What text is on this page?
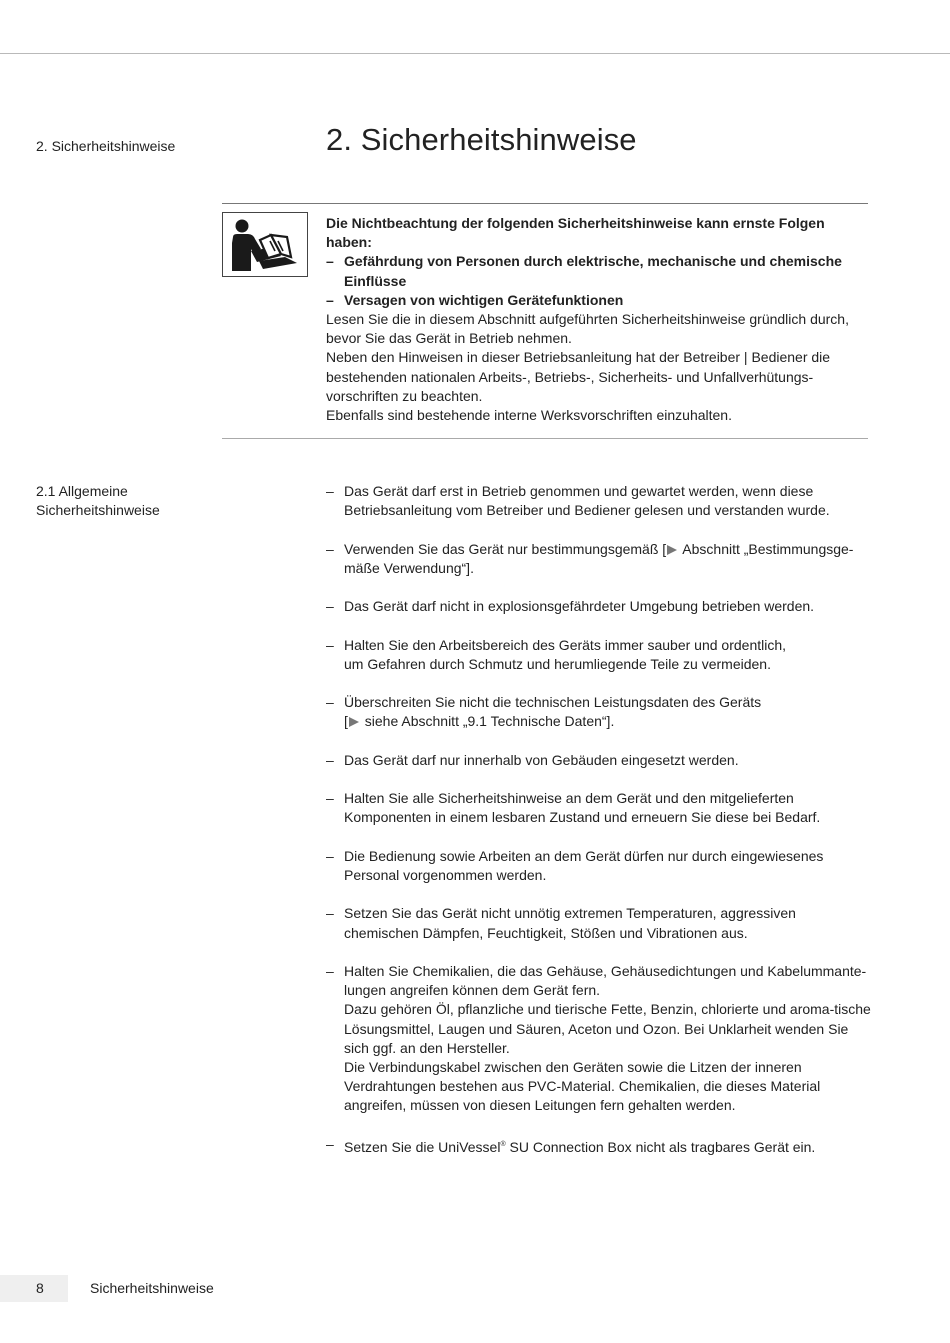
2. Sicherheitshinweise	2. Sicherheitshinweise
Die Nichtbeachtung der folgenden Sicherheitshinweise kann ernste Folgen haben:
– Gefährdung von Personen durch elektrische, mechanische und chemische Einflüsse
– Versagen von wichtigen Gerätefunktionen
Lesen Sie die in diesem Abschnitt aufgeführten Sicherheitshinweise gründlich durch, bevor Sie das Gerät in Betrieb nehmen.
Neben den Hinweisen in dieser Betriebsanleitung hat der Betreiber | Bediener die bestehenden nationalen Arbeits-, Betriebs-, Sicherheits- und Unfallverhütungs-vorschriften zu beachten.
Ebenfalls sind bestehende interne Werksvorschriften einzuhalten.
2.1 Allgemeine
Sicherheitshinweise
– Das Gerät darf erst in Betrieb genommen und gewartet werden, wenn diese Betriebsanleitung vom Betreiber und Bediener gelesen und verstanden wurde.
– Verwenden Sie das Gerät nur bestimmungsgemäß [ Abschnitt „Bestimmungsge-mäße Verwendung“].
– Das Gerät darf nicht in explosionsgefährdeter Umgebung betrieben werden.
– Halten Sie den Arbeitsbereich des Geräts immer sauber und ordentlich,
um Gefahren durch Schmutz und herumliegende Teile zu vermeiden.
– Überschreiten Sie nicht die technischen Leistungsdaten des Geräts
[ siehe Abschnitt „9.1 Technische Daten“].
– Das Gerät darf nur innerhalb von Gebäuden eingesetzt werden.
– Halten Sie alle Sicherheitshinweise an dem Gerät und den mitgelieferten Komponenten in einem lesbaren Zustand und erneuern Sie diese bei Bedarf.
– Die Bedienung sowie Arbeiten an dem Gerät dürfen nur durch eingewiesenes Personal vorgenommen werden.
– Setzen Sie das Gerät nicht unnötig extremen Temperaturen, aggressiven chemischen Dämpfen, Feuchtigkeit, Stößen und Vibrationen aus.
– Halten Sie Chemikalien, die das Gehäuse, Gehäusedichtungen und Kabelummante-lungen angreifen können dem Gerät fern.
Dazu gehören Öl, pflanzliche und tierische Fette, Benzin, chlorierte und aroma-tische Lösungsmittel, Laugen und Säuren, Aceton und Ozon. Bei Unklarheit wenden Sie sich ggf. an den Hersteller.
Die Verbindungskabel zwischen den Geräten sowie die Litzen der inneren Verdrahtungen bestehen aus PVC-Material. Chemikalien, die dieses Material angreifen, müssen von diesen Leitungen fern gehalten werden.
– Setzen Sie die UniVessel® SU Connection Box nicht als tragbares Gerät ein.
8	Sicherheitshinweise
